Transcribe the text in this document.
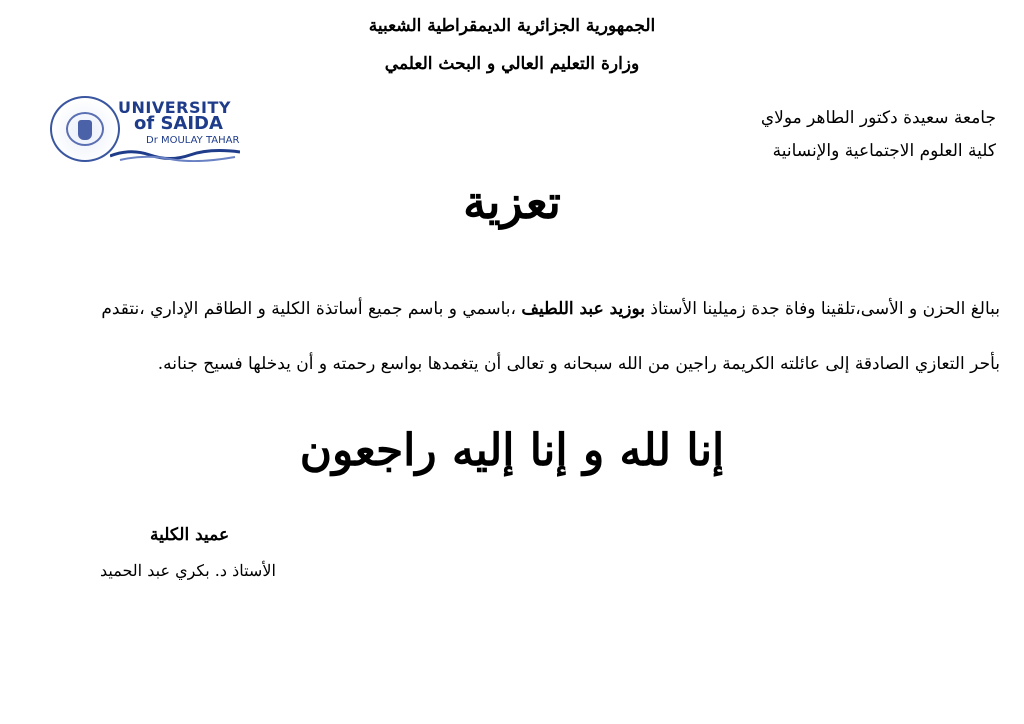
الجمهورية الجزائرية الديمقراطية الشعبية
وزارة التعليم العالي و البحث العلمي
جامعة سعيدة دكتور الطاهر مولاي
كلية العلوم الاجتماعية والإنسانية
UNIVERSITY
of SAIDA
Dr MOULAY TAHAR
تعزية
ببالغ الحزن و الأسى،تلقينا وفاة جدة زميلينا الأستاذ بوزيد عبد اللطيف ،باسمي و باسم جميع أساتذة الكلية و الطاقم الإداري ،نتقدم
بأحر التعازي الصادقة إلى عائلته الكريمة راجين من الله سبحانه و تعالى أن يتغمدها بواسع رحمته و أن يدخلها فسيح جنانه.
إنا لله و إنا إليه راجعون
عميد الكلية
الأستاذ د. بكري عبد الحميد
